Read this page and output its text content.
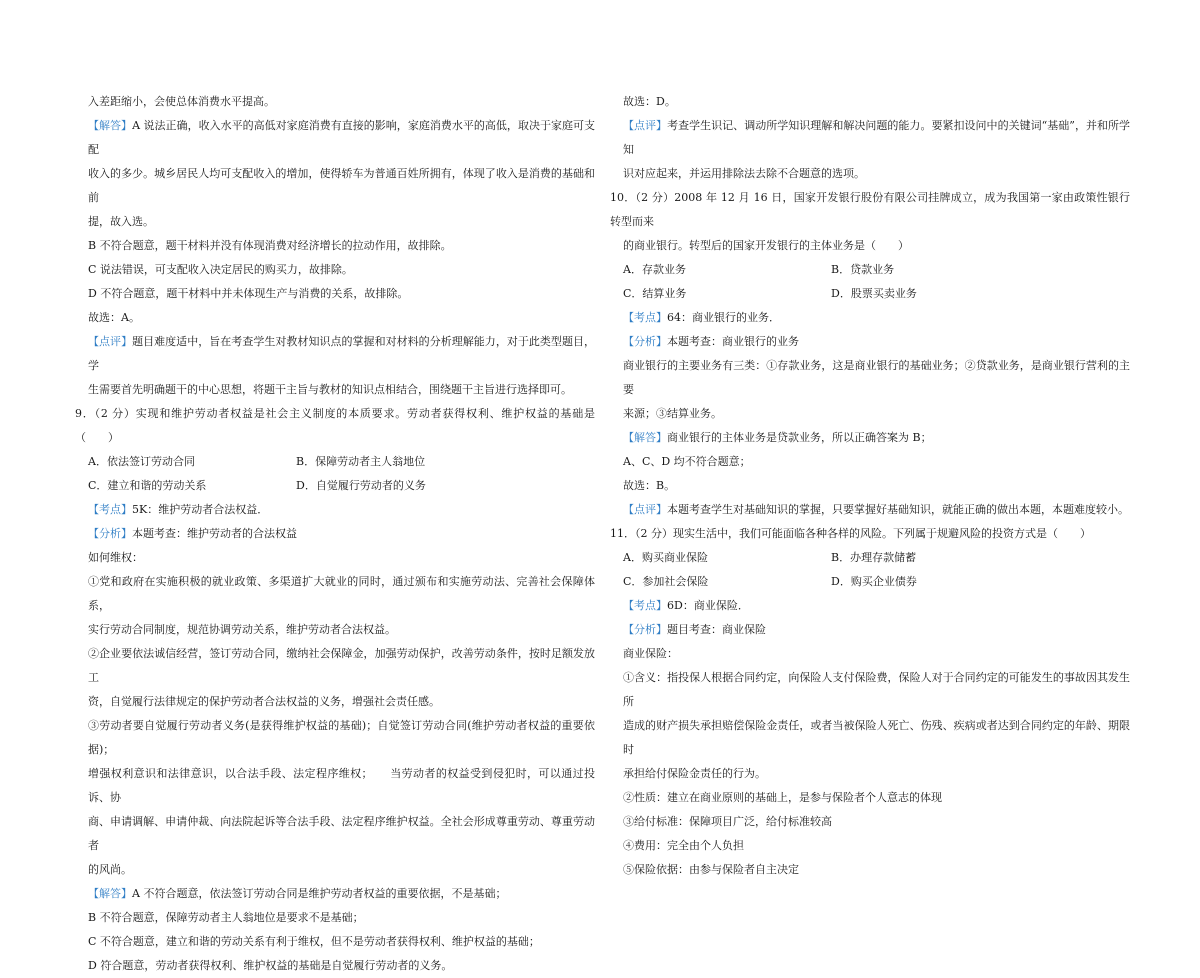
入差距缩小，会使总体消费水平提高。

【解答】A 说法正确，收入水平的高低对家庭消费有直接的影响，家庭消费水平的高低，取决于家庭可支配

收入的多少。城乡居民人均可支配收入的增加，使得轿车为普通百姓所拥有，体现了收入是消费的基础和前

提，故入选。

B 不符合题意，题干材料并没有体现消费对经济增长的拉动作用，故排除。

C 说法错误，可支配收入决定居民的购买力，故排除。

D 不符合题意，题干材料中并未体现生产与消费的关系，故排除。

故选：A。

【点评】题目难度适中，旨在考查学生对教材知识点的掌握和对材料的分析理解能力，对于此类型题目，学

生需要首先明确题干的中心思想，将题干主旨与教材的知识点相结合，围绕题干主旨进行选择即可。

9．（2 分）实现和维护劳动者权益是社会主义制度的本质要求。劳动者获得权利、维护权益的基础是（　　）

A．依法签订劳动合同	B．保障劳动者主人翁地位
C．建立和谐的劳动关系	D．自觉履行劳动者的义务

【考点】5K：维护劳动者合法权益．

【分析】本题考查：维护劳动者的合法权益

如何维权：

①党和政府在实施积极的就业政策、多渠道扩大就业的同时，通过颁布和实施劳动法、完善社会保障体系，

实行劳动合同制度，规范协调劳动关系，维护劳动者合法权益。

②企业要依法诚信经营，签订劳动合同，缴纳社会保障金，加强劳动保护，改善劳动条件，按时足额发放工

资，自觉履行法律规定的保护劳动者合法权益的义务，增强社会责任感。

③劳动者要自觉履行劳动者义务(是获得维护权益的基础)；自觉签订劳动合同(维护劳动者权益的重要依据)；

增强权利意识和法律意识，以合法手段、法定程序维权；　　当劳动者的权益受到侵犯时，可以通过投诉、协

商、申请调解、申请仲裁、向法院起诉等合法手段、法定程序维护权益。全社会形成尊重劳动、尊重劳动者

的风尚。

【解答】A 不符合题意，依法签订劳动合同是维护劳动者权益的重要依据，不是基础；

B 不符合题意，保障劳动者主人翁地位是要求不是基础；

C 不符合题意，建立和谐的劳动关系有利于维权，但不是劳动者获得权利、维护权益的基础；

D 符合题意，劳动者获得权利、维护权益的基础是自觉履行劳动者的义务。

故选：D。

【点评】考查学生识记、调动所学知识理解和解决问题的能力。要紧扣设问中的关键词“基础”，并和所学知

识对应起来，并运用排除法去除不合题意的选项。

10．（2 分）2008 年 12 月 16 日，国家开发银行股份有限公司挂牌成立，成为我国第一家由政策性银行转型而来

的商业银行。转型后的国家开发银行的主体业务是（　　）

A．存款业务	B．贷款业务
C．结算业务	D．股票买卖业务

【考点】64：商业银行的业务．

【分析】本题考查：商业银行的业务

商业银行的主要业务有三类：①存款业务，这是商业银行的基础业务；②贷款业务，是商业银行营利的主要

来源；③结算业务。

【解答】商业银行的主体业务是贷款业务，所以正确答案为 B；

A、C、D 均不符合题意；

故选：B。

【点评】本题考查学生对基础知识的掌握，只要掌握好基础知识，就能正确的做出本题，本题难度较小。

11．（2 分）现实生活中，我们可能面临各种各样的风险。下列属于规避风险的投资方式是（　　）

A．购买商业保险	B．办理存款储蓄
C．参加社会保险	D．购买企业债券

【考点】6D：商业保险．

【分析】题目考查：商业保险

商业保险：

①含义：指投保人根据合同约定，向保险人支付保险费，保险人对于合同约定的可能发生的事故因其发生所

造成的财产损失承担赔偿保险金责任，或者当被保险人死亡、伤残、疾病或者达到合同约定的年龄、期限时

承担给付保险金责任的行为。

②性质：建立在商业原则的基础上，是参与保险者个人意志的体现

③给付标准：保障项目广泛，给付标准较高

④费用：完全由个人负担

⑤保险依据：由参与保险者自主决定
